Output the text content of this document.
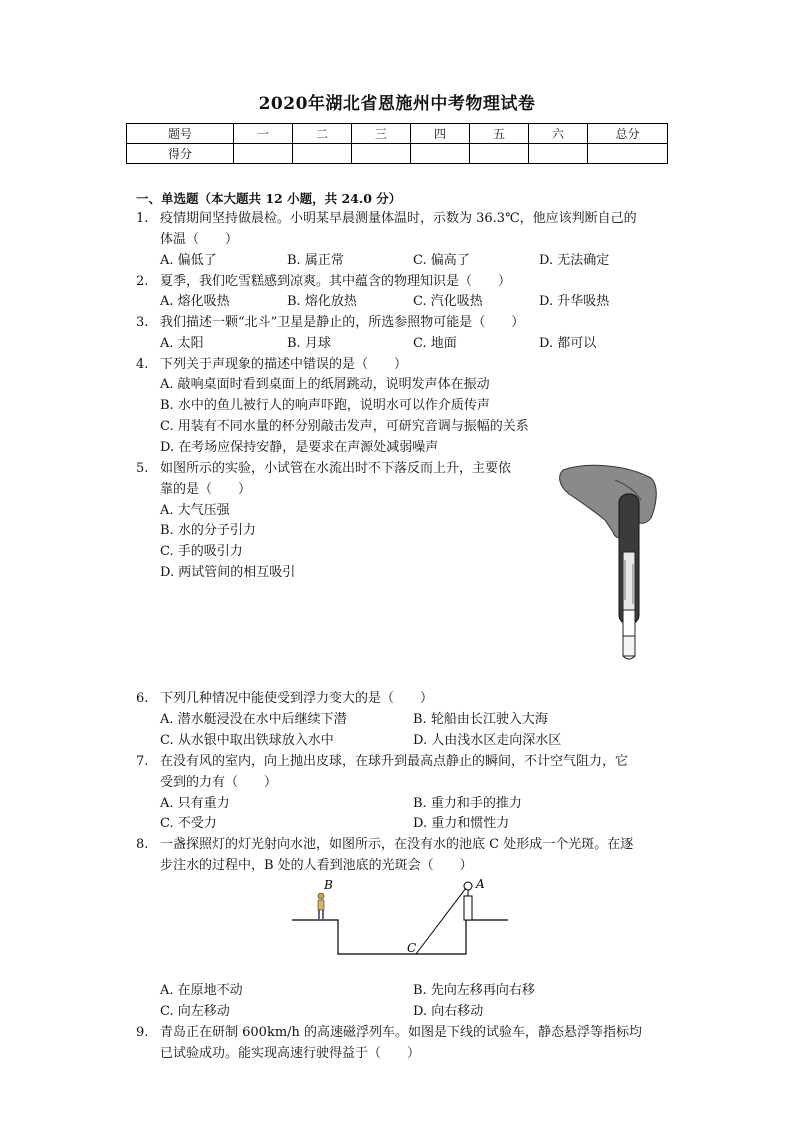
2020年湖北省恩施州中考物理试卷
题号	一	二	三	四	五	六	总分
得分							
一、单选题（本大题共 12 小题，共 24.0 分）
1. 疫情期间坚持做晨检。小明某早晨测量体温时，示数为 36.3℃，他应该判断自己的
体温（　　）
A. 偏低了	B. 属正常	C. 偏高了	D. 无法确定
2. 夏季，我们吃雪糕感到凉爽。其中蕴含的物理知识是（　　）
A. 熔化吸热	B. 熔化放热	C. 汽化吸热	D. 升华吸热
3. 我们描述一颗“北斗”卫星是静止的，所选参照物可能是（　　）
A. 太阳	B. 月球	C. 地面	D. 都可以
4. 下列关于声现象的描述中错误的是（　　）
A. 敲响桌面时看到桌面上的纸屑跳动，说明发声体在振动
B. 水中的鱼儿被行人的响声吓跑，说明水可以作介质传声
C. 用装有不同水量的杯分别敲击发声，可研究音调与振幅的关系
D. 在考场应保持安静，是要求在声源处减弱噪声
5. 如图所示的实验，小试管在水流出时不下落反而上升，主要依
靠的是（　　）
A. 大气压强
B. 水的分子引力
C. 手的吸引力
D. 两试管间的相互吸引
6. 下列几种情况中能使受到浮力变大的是（　　）
A. 潜水艇浸没在水中后继续下潜	B. 轮船由长江驶入大海
C. 从水银中取出铁球放入水中	D. 人由浅水区走向深水区
7. 在没有风的室内，向上抛出皮球，在球升到最高点静止的瞬间，不计空气阻力，它
受到的力有（　　）
A. 只有重力	B. 重力和手的推力
C. 不受力	D. 重力和惯性力
8. 一盏探照灯的灯光射向水池，如图所示，在没有水的池底 C 处形成一个光斑。在逐
步注水的过程中，B 处的人看到池底的光斑会（　　）
B	A
C
A. 在原地不动	B. 先向左移再向右移
C. 向左移动	D. 向右移动
9. 青岛正在研制 600km/h 的高速磁浮列车。如图是下线的试验车，静态悬浮等指标均
已试验成功。能实现高速行驶得益于（　　）
